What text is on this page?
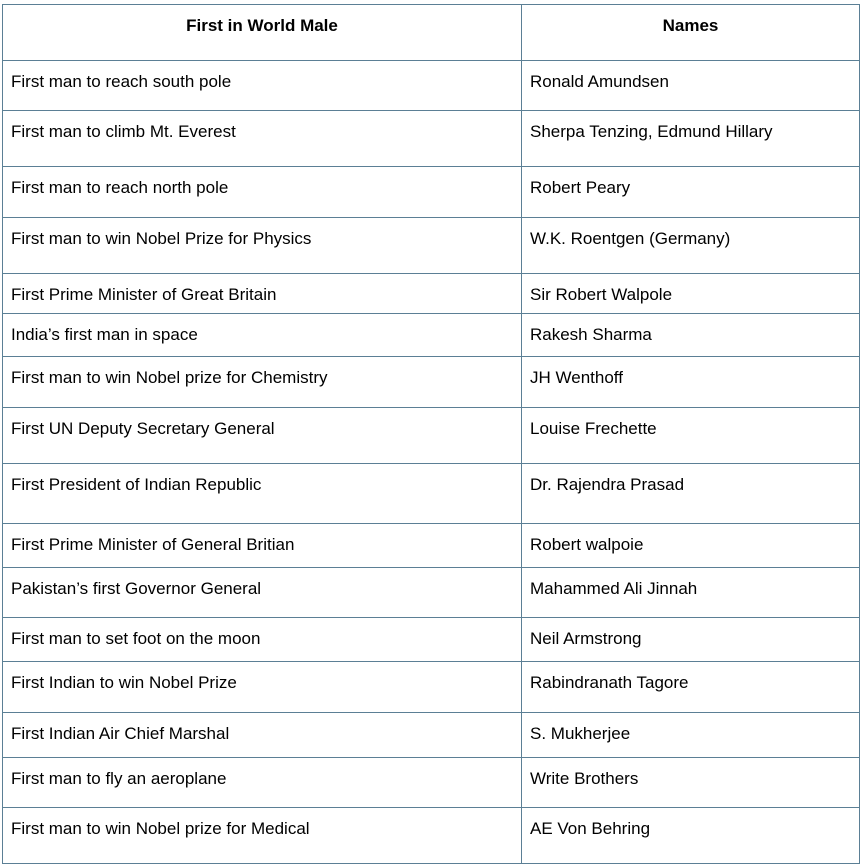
First in World Male	Names
First man to reach south pole	Ronald Amundsen
First man to climb Mt. Everest	Sherpa Tenzing, Edmund Hillary
First man to reach north pole	Robert Peary
First man to win Nobel Prize for Physics	W.K. Roentgen (Germany)
First Prime Minister of Great Britain	Sir Robert Walpole
India’s first man in space	Rakesh Sharma
First man to win Nobel prize for Chemistry	JH Wenthoff
First UN Deputy Secretary General	Louise Frechette
First President of Indian Republic	Dr. Rajendra Prasad
First Prime Minister of General Britian	Robert walpoie
Pakistan’s first Governor General	Mahammed Ali Jinnah
First man to set foot on the moon	Neil Armstrong
First Indian to win Nobel Prize	Rabindranath Tagore
First Indian Air Chief Marshal	S. Mukherjee
First man to fly an aeroplane	Write Brothers
First man to win Nobel prize for Medical	AE Von Behring
